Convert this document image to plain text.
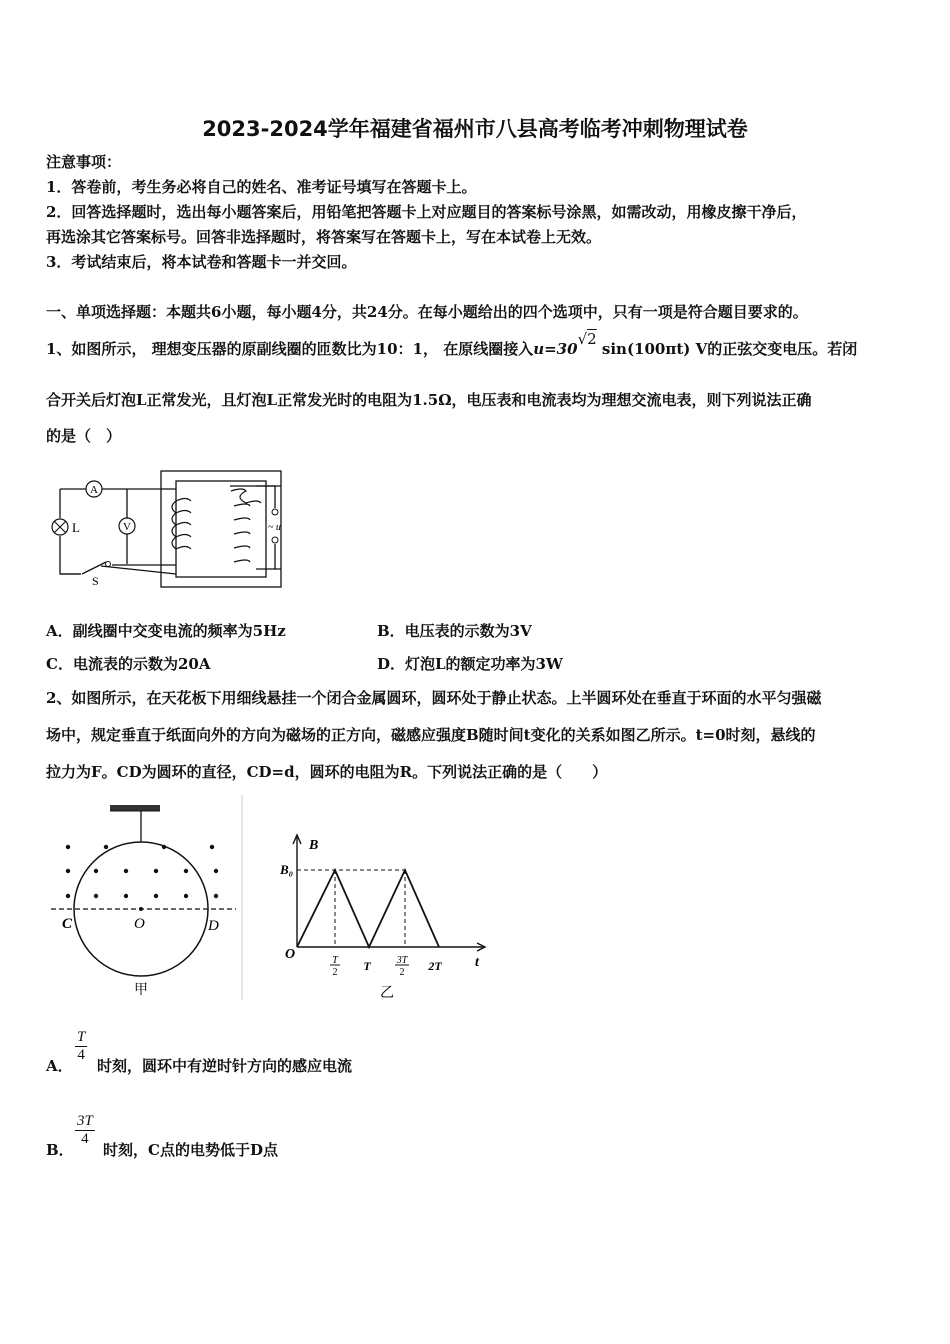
2023-2024学年福建省福州市八县高考临考冲刺物理试卷
注意事项：
1．答卷前，考生务必将自己的姓名、准考证号填写在答题卡上。
2．回答选择题时，选出每小题答案后，用铅笔把答题卡上对应题目的答案标号涂黑，如需改动，用橡皮擦干净后，
再选涂其它答案标号。回答非选择题时，将答案写在答题卡上，写在本试卷上无效。
3．考试结束后，将本试卷和答题卡一并交回。
一、单项选择题：本题共6小题，每小题4分，共24分。在每小题给出的四个选项中，只有一项是符合题目要求的。
1、如图所示， 理想变压器的原副线圈的匝数比为10：1， 在原线圈接入u=30√2 sin(100πt) V的正弦交变电压。若闭
合开关后灯泡L正常发光，且灯泡L正常发光时的电阻为1.5Ω，电压表和电流表均为理想交流电表，则下列说法正确
的是（　）
A
V
L
S
~ u
A．副线圈中交变电流的频率为5Hz	B．电压表的示数为3V
C．电流表的示数为20A	D．灯泡L的额定功率为3W
2、如图所示，在天花板下用细线悬挂一个闭合金属圆环，圆环处于静止状态。上半圆环处在垂直于环面的水平匀强磁
场中，规定垂直于纸面向外的方向为磁场的正方向，磁感应强度B随时间t变化的关系如图乙所示。t=0时刻，悬线的
拉力为F。CD为圆环的直径，CD=d，圆环的电阻为R。下列说法正确的是（　　）
C	O	D
甲
B
B₀
O
t
T
2 T	3T
2 2T
乙
A．
$\frac{T}{4}$
时刻，圆环中有逆时针方向的感应电流
B．
$\frac{3T}{4}$
时刻，C点的电势低于D点
